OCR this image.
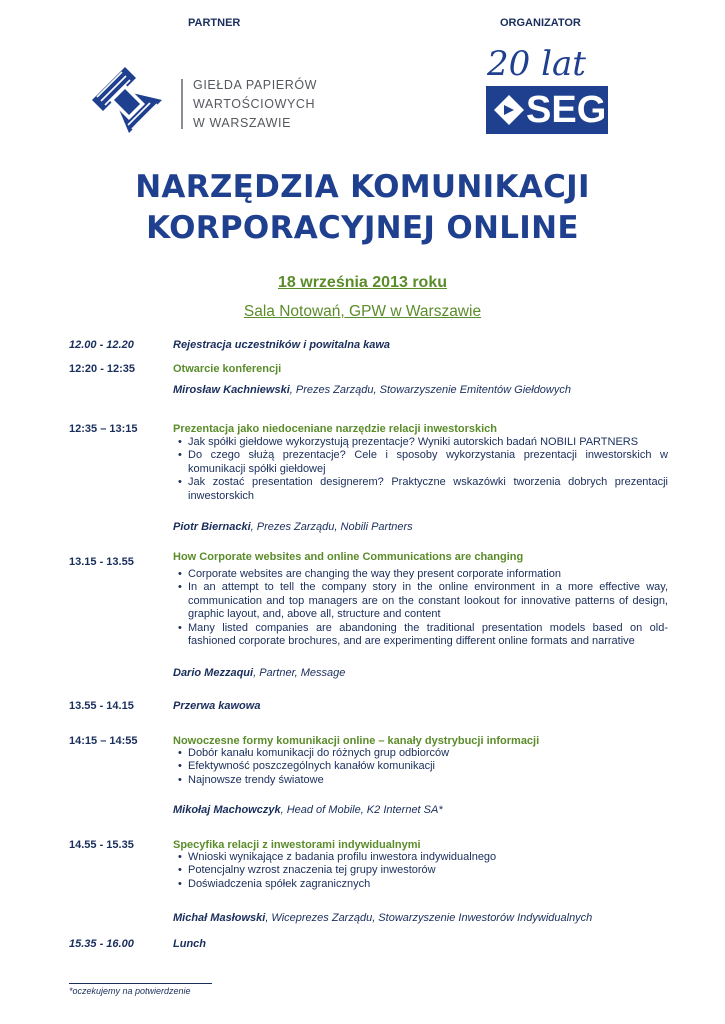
PARTNER	ORGANIZATOR
GIEŁDA PAPIERÓW
WARTOŚCIOWYCH
W WARSZAWIE
20 lat
SEG
NARZĘDZIA KOMUNIKACJI
KORPORACYJNEJ ONLINE
18 września 2013 roku
Sala Notowań, GPW w Warszawie
12.00 - 12.20	Rejestracja uczestników i powitalna kawa
12:20 - 12:35	Otwarcie konferencji
Mirosław Kachniewski, Prezes Zarządu, Stowarzyszenie Emitentów Giełdowych
12:35 – 13:15	Prezentacja jako niedoceniane narzędzie relacji inwestorskich
• Jak spółki giełdowe wykorzystują prezentacje? Wyniki autorskich badań NOBILI PARTNERS
• Do czego służą prezentacje? Cele i sposoby wykorzystania prezentacji inwestorskich w komunikacji spółki giełdowej
• Jak zostać presentation designerem? Praktyczne wskazówki tworzenia dobrych prezentacji inwestorskich
Piotr Biernacki, Prezes Zarządu, Nobili Partners
13.15 - 13.55	How Corporate websites and online Communications are changing
• Corporate websites are changing the way they present corporate information
• In an attempt to tell the company story in the online environment in a more effective way, communication and top managers are on the constant lookout for innovative patterns of design, graphic layout, and, above all, structure and content
• Many listed companies are abandoning the traditional presentation models based on old-fashioned corporate brochures, and are experimenting different online formats and narrative
Dario Mezzaqui, Partner, Message
13.55 - 14.15	Przerwa kawowa
14:15 – 14:55	Nowoczesne formy komunikacji online – kanały dystrybucji informacji
• Dobór kanału komunikacji do różnych grup odbiorców
• Efektywność poszczególnych kanałów komunikacji
• Najnowsze trendy światowe
Mikołaj Machowczyk, Head of Mobile, K2 Internet SA*
14.55 - 15.35	Specyfika relacji z inwestorami indywidualnymi
• Wnioski wynikające z badania profilu inwestora indywidualnego
• Potencjalny wzrost znaczenia tej grupy inwestorów
• Doświadczenia spółek zagranicznych
Michał Masłowski, Wiceprezes Zarządu, Stowarzyszenie Inwestorów Indywidualnych
15.35 - 16.00	Lunch
*oczekujemy na potwierdzenie
